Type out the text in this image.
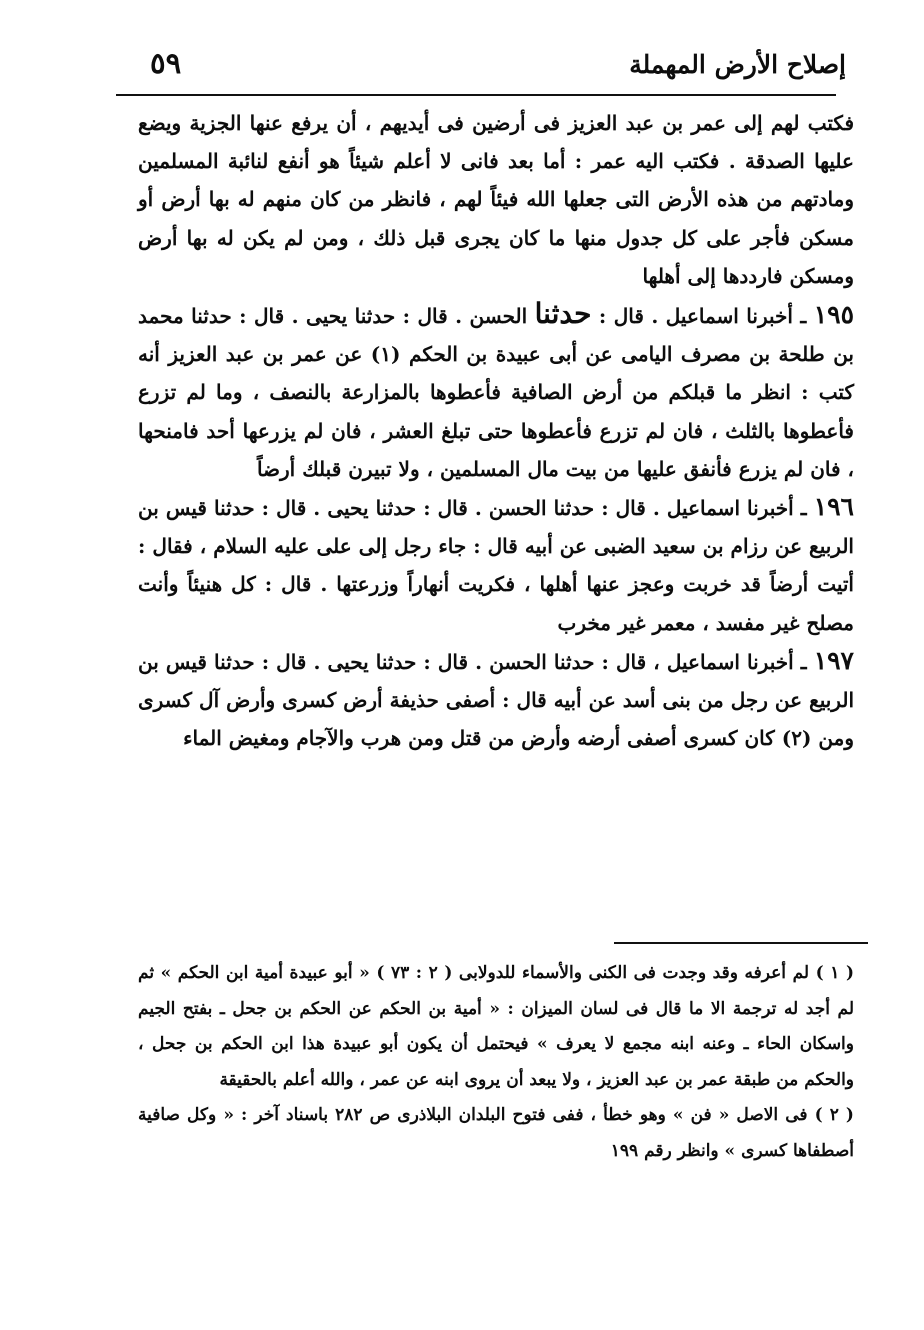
إصلاح الأرض المهملة
٥٩

فكتب لهم إلى عمر بن عبد العزيز فى أرضين فى أيديهم ، أن يرفع عنها الجزية ويضع عليها الصدقة . فكتب اليه عمر : أما بعد فانى لا أعلم شيئاً هو أنفع لنائبة المسلمين ومادتهم من هذه الأرض التى جعلها الله فيئاً لهم ، فانظر من كان منهم له بها أرض أو مسكن فأجر على كل جدول منها ما كان يجرى قبل ذلك ، ومن لم يكن له بها أرض ومسكن فارددها إلى أهلها

١٩٥ ـ أخبرنا اسماعيل . قال : حدثنا الحسن . قال : حدثنا يحيى . قال : حدثنا محمد بن طلحة بن مصرف اليامى عن أبى عبيدة بن الحكم (١) عن عمر بن عبد العزيز أنه كتب : انظر ما قبلكم من أرض الصافية فأعطوها بالمزارعة بالنصف ، وما لم تزرع فأعطوها بالثلث ، فان لم تزرع فأعطوها حتى تبلغ العشر ، فان لم يزرعها أحد فامنحها ، فان لم يزرع فأنفق عليها من بيت مال المسلمين ، ولا تبيرن قبلك أرضاً

١٩٦ ـ أخبرنا اسماعيل . قال : حدثنا الحسن . قال : حدثنا يحيى . قال : حدثنا قيس بن الربيع عن رزام بن سعيد الضبى عن أبيه قال : جاء رجل إلى على عليه السلام ، فقال : أتيت أرضاً قد خربت وعجز عنها أهلها ، فكريت أنهاراً وزرعتها . قال : كل هنيئاً وأنت مصلح غير مفسد ، معمر غير مخرب

١٩٧ ـ أخبرنا اسماعيل ، قال : حدثنا الحسن . قال : حدثنا يحيى . قال : حدثنا قيس بن الربيع عن رجل من بنى أسد عن أبيه قال : أصفى حذيفة أرض كسرى وأرض آل كسرى ومن (٢) كان كسرى أصفى أرضه وأرض من قتل ومن هرب والآجام ومغيض الماء

( ١ ) لم أعرفه وقد وجدت فى الكنى والأسماء للدولابى ( ٢ : ٧٣ ) « أبو عبيدة أمية ابن الحكم » ثم لم أجد له ترجمة الا ما قال فى لسان الميزان : « أمية بن الحكم عن الحكم بن جحل ـ بفتح الجيم واسكان الحاء ـ وعنه ابنه مجمع لا يعرف » فيحتمل أن يكون أبو عبيدة هذا ابن الحكم بن جحل ، والحكم من طبقة عمر بن عبد العزيز ، ولا يبعد أن يروى ابنه عن عمر ، والله أعلم بالحقيقة

( ٢ ) فى الاصل « فن » وهو خطأ ، ففى فتوح البلدان البلاذرى ص ٢٨٢ باسناد آخر : « وكل صافية أصطفاها كسرى » وانظر رقم ١٩٩
